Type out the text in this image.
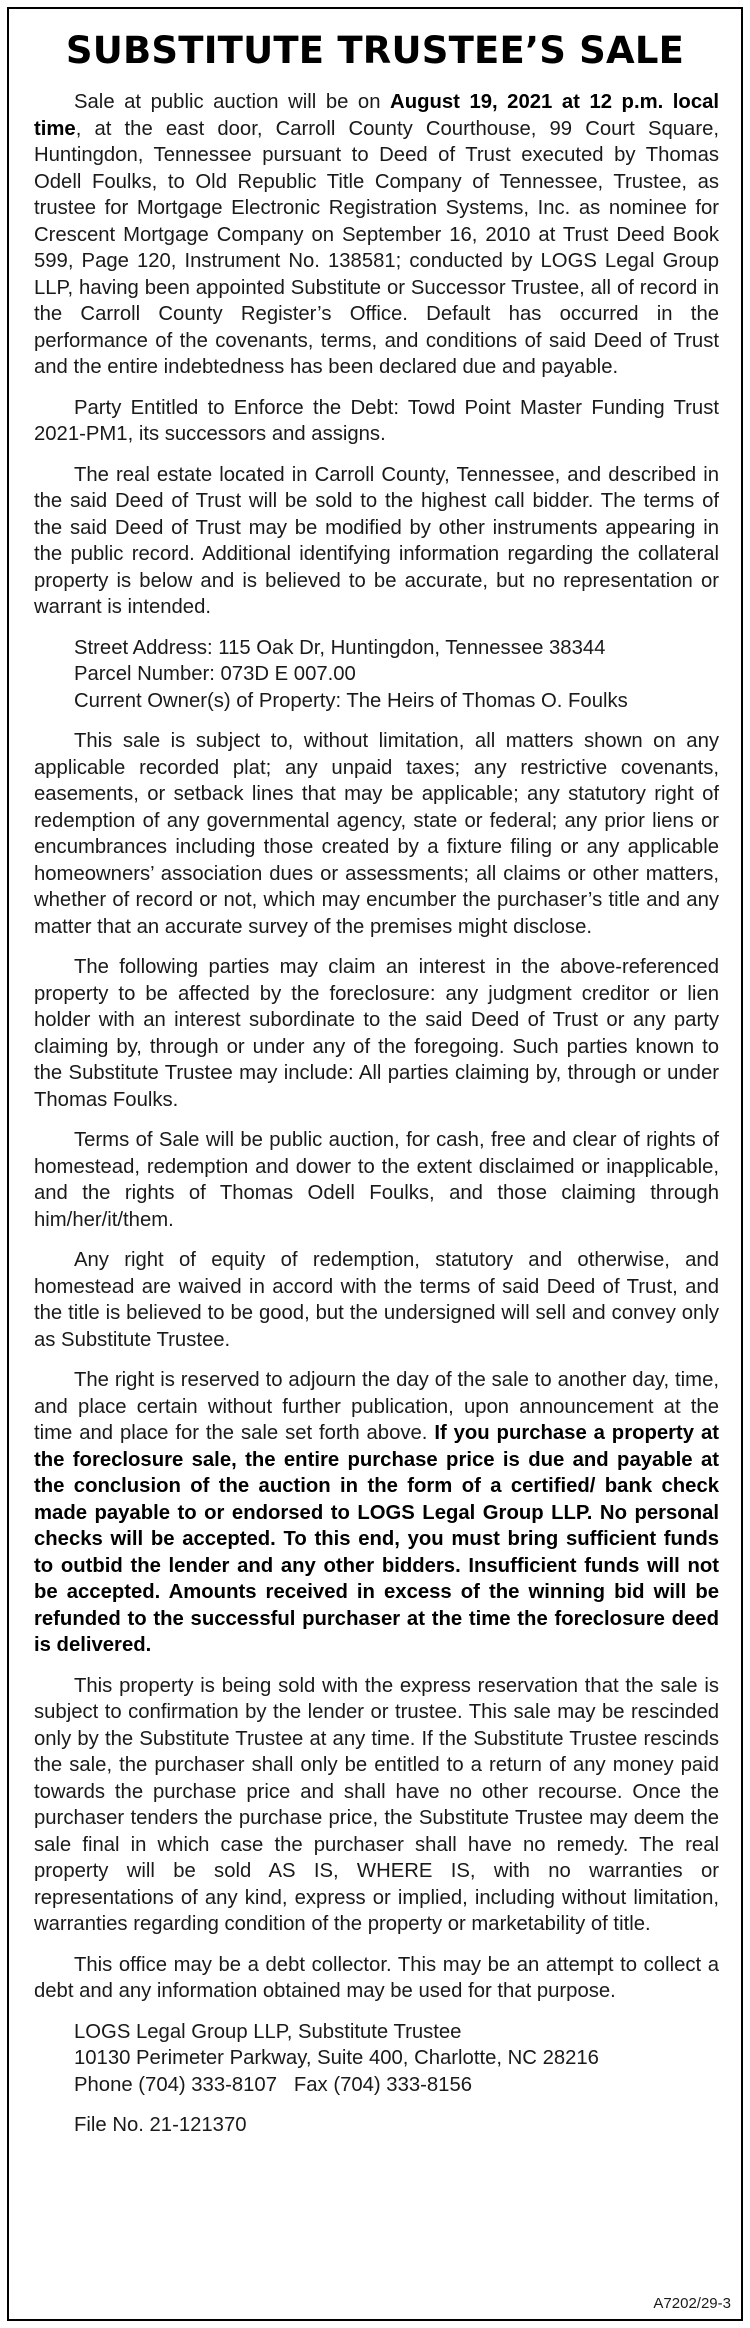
SUBSTITUTE TRUSTEE’S SALE

Sale at public auction will be on August 19, 2021 at 12 p.m. local time, at the east door, Carroll County Courthouse, 99 Court Square, Huntingdon, Tennessee pursuant to Deed of Trust executed by Thomas Odell Foulks, to Old Republic Title Company of Tennessee, Trustee, as trustee for Mortgage Electronic Registration Systems, Inc. as nominee for Crescent Mortgage Company on September 16, 2010 at Trust Deed Book 599, Page 120, Instrument No. 138581; conducted by LOGS Legal Group LLP, having been appointed Substitute or Successor Trustee, all of record in the Carroll County Register’s Office. Default has occurred in the performance of the covenants, terms, and conditions of said Deed of Trust and the entire indebtedness has been declared due and payable.

Party Entitled to Enforce the Debt: Towd Point Master Funding Trust 2021-PM1, its successors and assigns.

The real estate located in Carroll County, Tennessee, and described in the said Deed of Trust will be sold to the highest call bidder. The terms of the said Deed of Trust may be modified by other instruments appearing in the public record. Additional identifying information regarding the collateral property is below and is believed to be accurate, but no representation or warrant is intended.

Street Address: 115 Oak Dr, Huntingdon, Tennessee 38344
Parcel Number: 073D E 007.00
Current Owner(s) of Property: The Heirs of Thomas O. Foulks

This sale is subject to, without limitation, all matters shown on any applicable recorded plat; any unpaid taxes; any restrictive covenants, easements, or setback lines that may be applicable; any statutory right of redemption of any governmental agency, state or federal; any prior liens or encumbrances including those created by a fixture filing or any applicable homeowners’ association dues or assessments; all claims or other matters, whether of record or not, which may encumber the purchaser’s title and any matter that an accurate survey of the premises might disclose.

The following parties may claim an interest in the above-referenced property to be affected by the foreclosure: any judgment creditor or lien holder with an interest subordinate to the said Deed of Trust or any party claiming by, through or under any of the foregoing. Such parties known to the Substitute Trustee may include: All parties claiming by, through or under Thomas Foulks.

Terms of Sale will be public auction, for cash, free and clear of rights of homestead, redemption and dower to the extent disclaimed or inapplicable, and the rights of Thomas Odell Foulks, and those claiming through him/her/it/them.

Any right of equity of redemption, statutory and otherwise, and homestead are waived in accord with the terms of said Deed of Trust, and the title is believed to be good, but the undersigned will sell and convey only as Substitute Trustee.

The right is reserved to adjourn the day of the sale to another day, time, and place certain without further publication, upon announcement at the time and place for the sale set forth above. If you purchase a property at the foreclosure sale, the entire purchase price is due and payable at the conclusion of the auction in the form of a certified/ bank check made payable to or endorsed to LOGS Legal Group LLP. No personal checks will be accepted. To this end, you must bring sufficient funds to outbid the lender and any other bidders. Insufficient funds will not be accepted. Amounts received in excess of the winning bid will be refunded to the successful purchaser at the time the foreclosure deed is delivered.

This property is being sold with the express reservation that the sale is subject to confirmation by the lender or trustee. This sale may be rescinded only by the Substitute Trustee at any time. If the Substitute Trustee rescinds the sale, the purchaser shall only be entitled to a return of any money paid towards the purchase price and shall have no other recourse. Once the purchaser tenders the purchase price, the Substitute Trustee may deem the sale final in which case the purchaser shall have no remedy. The real property will be sold AS IS, WHERE IS, with no warranties or representations of any kind, express or implied, including without limitation, warranties regarding condition of the property or marketability of title.

This office may be a debt collector. This may be an attempt to collect a debt and any information obtained may be used for that purpose.

LOGS Legal Group LLP, Substitute Trustee
10130 Perimeter Parkway, Suite 400, Charlotte, NC 28216
Phone (704) 333-8107   Fax (704) 333-8156
File No. 21-121370
A7202/29-3
